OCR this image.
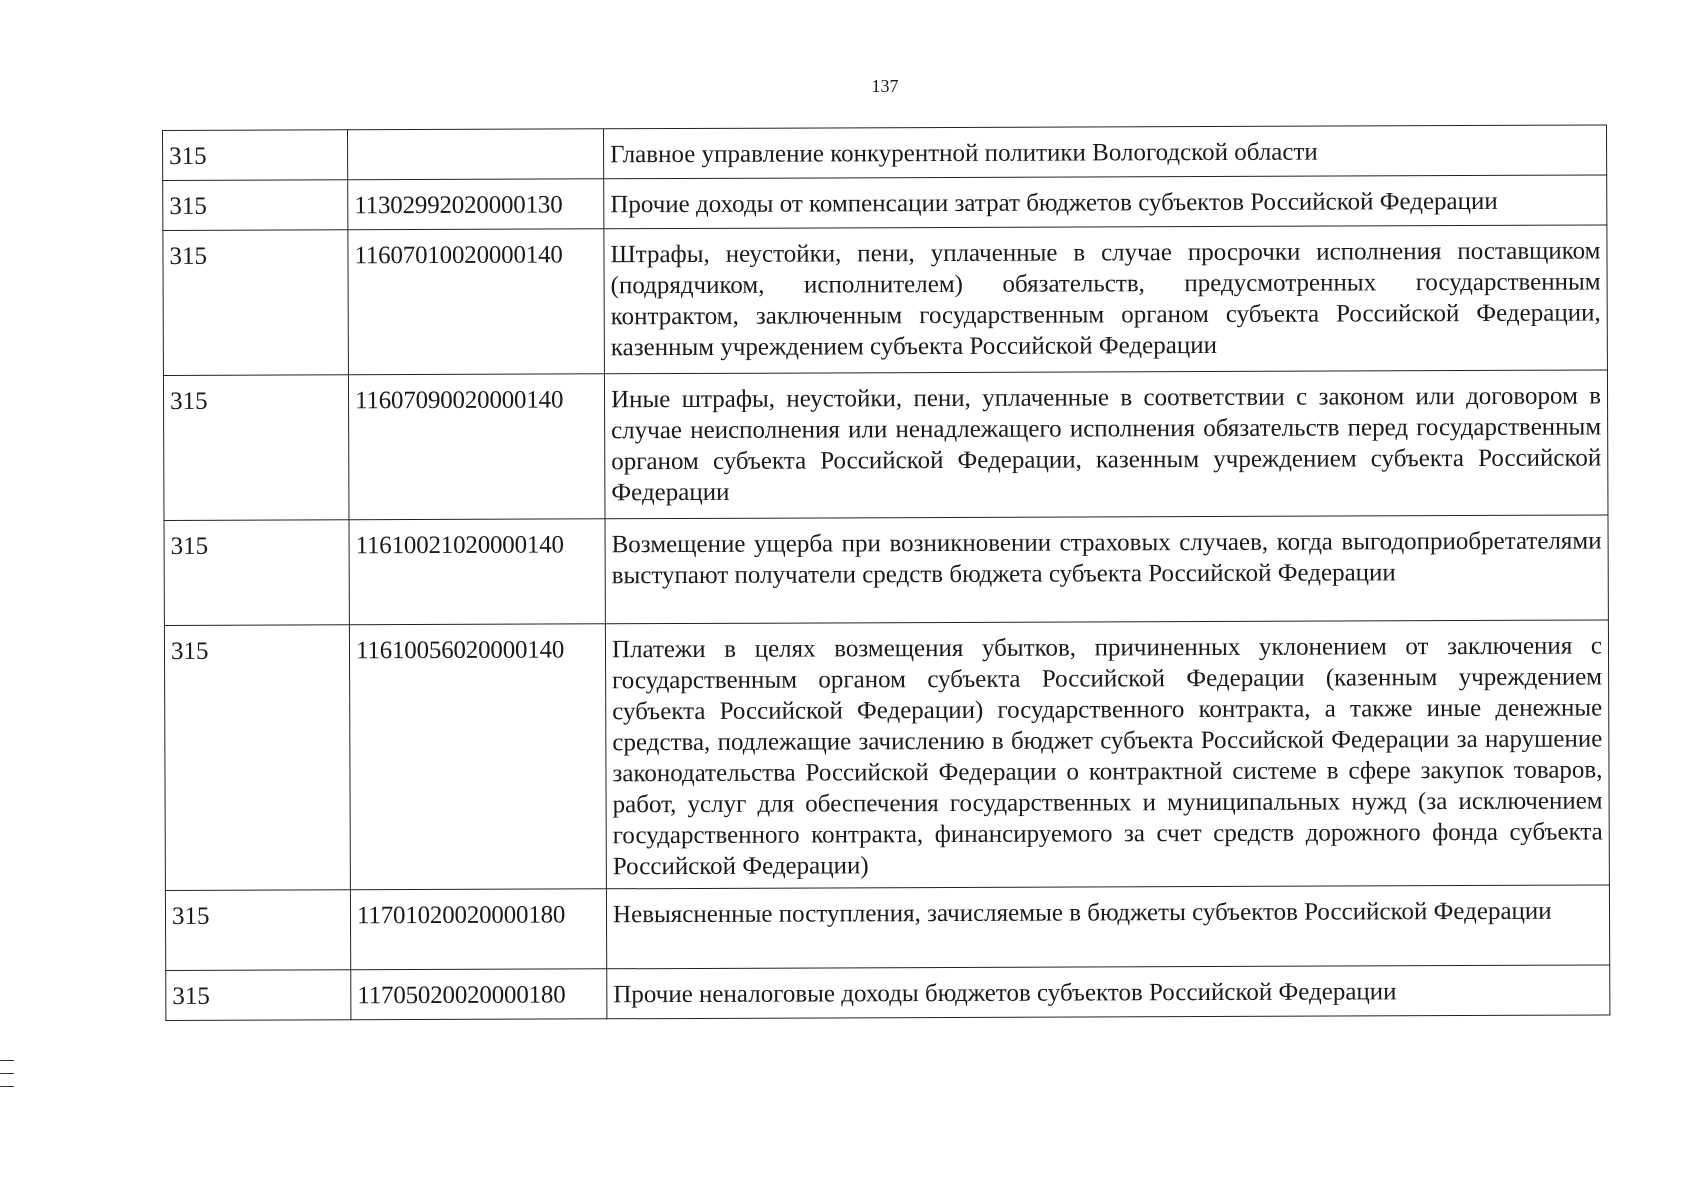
137
315		Главное управление конкурентной политики Вологодской области
315	11302992020000130	Прочие доходы от компенсации затрат бюджетов субъектов Российской Федерации
315	11607010020000140	Штрафы, неустойки, пени, уплаченные в случае просрочки исполнения поставщиком (подрядчиком, исполнителем) обязательств, предусмотренных государственным контрактом, заключенным государственным органом субъекта Российской Федерации, казенным учреждением субъекта Российской Федерации
315	11607090020000140	Иные штрафы, неустойки, пени, уплаченные в соответствии с законом или договором в случае неисполнения или ненадлежащего исполнения обязательств перед государственным органом субъекта Российской Федерации, казенным учреждением субъекта Российской Федерации
315	11610021020000140	Возмещение ущерба при возникновении страховых случаев, когда выгодоприобретателями выступают получатели средств бюджета субъекта Российской Федерации
315	11610056020000140	Платежи в целях возмещения убытков, причиненных уклонением от заключения с государственным органом субъекта Российской Федерации (казенным учреждением субъекта Российской Федерации) государственного контракта, а также иные денежные средства, подлежащие зачислению в бюджет субъекта Российской Федерации за нарушение законодательства Российской Федерации о контрактной системе в сфере закупок товаров, работ, услуг для обеспечения государственных и муниципальных нужд (за исключением государственного контракта, финансируемого за счет средств дорожного фонда субъекта Российской Федерации)
315	11701020020000180	Невыясненные поступления, зачисляемые в бюджеты субъектов Российской Федерации
315	11705020020000180	Прочие неналоговые доходы бюджетов субъектов Российской Федерации
